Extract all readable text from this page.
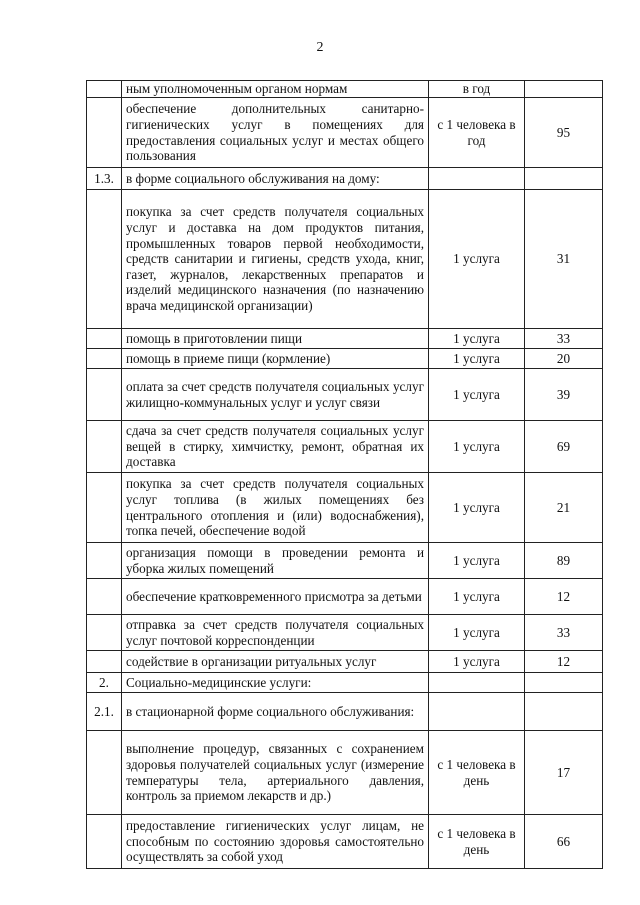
2
	ным уполномоченным органом нормам	в год	
	обеспечение дополнительных санитарно-гигиенических услуг в помещениях для предоставления социальных услуг и местах общего пользования	с 1 человека в год	95
1.3.	в форме социального обслуживания на дому:		
	покупка за счет средств получателя социальных услуг и доставка на дом продуктов питания, промышленных товаров первой необходимости, средств санитарии и гигиены, средств ухода, книг, газет, журналов, лекарственных препаратов и изделий медицинского назначения (по назначению врача медицинской организации)	1 услуга	31
	помощь в приготовлении пищи	1 услуга	33
	помощь в приеме пищи (кормление)	1 услуга	20
	оплата за счет средств получателя социальных услуг жилищно-коммунальных услуг и услуг связи	1 услуга	39
	сдача за счет средств получателя социальных услуг вещей в стирку, химчистку, ремонт, обратная их доставка	1 услуга	69
	покупка за счет средств получателя социальных услуг топлива (в жилых помещениях без центрального отопления и (или) водоснабжения), топка печей, обеспечение водой	1 услуга	21
	организация помощи в проведении ремонта и уборка жилых помещений	1 услуга	89
	обеспечение кратковременного присмотра за детьми	1 услуга	12
	отправка за счет средств получателя социальных услуг почтовой корреспонденции	1 услуга	33
	содействие в организации ритуальных услуг	1 услуга	12
2.	Социально-медицинские услуги:		
2.1.	в стационарной форме социального обслуживания:		
	выполнение процедур, связанных с сохранением здоровья получателей социальных услуг (измерение температуры тела, артериального давления, контроль за приемом лекарств и др.)	с 1 человека в день	17
	предоставление гигиенических услуг лицам, не способным по состоянию здоровья самостоятельно осуществлять за собой уход	с 1 человека в день	66
